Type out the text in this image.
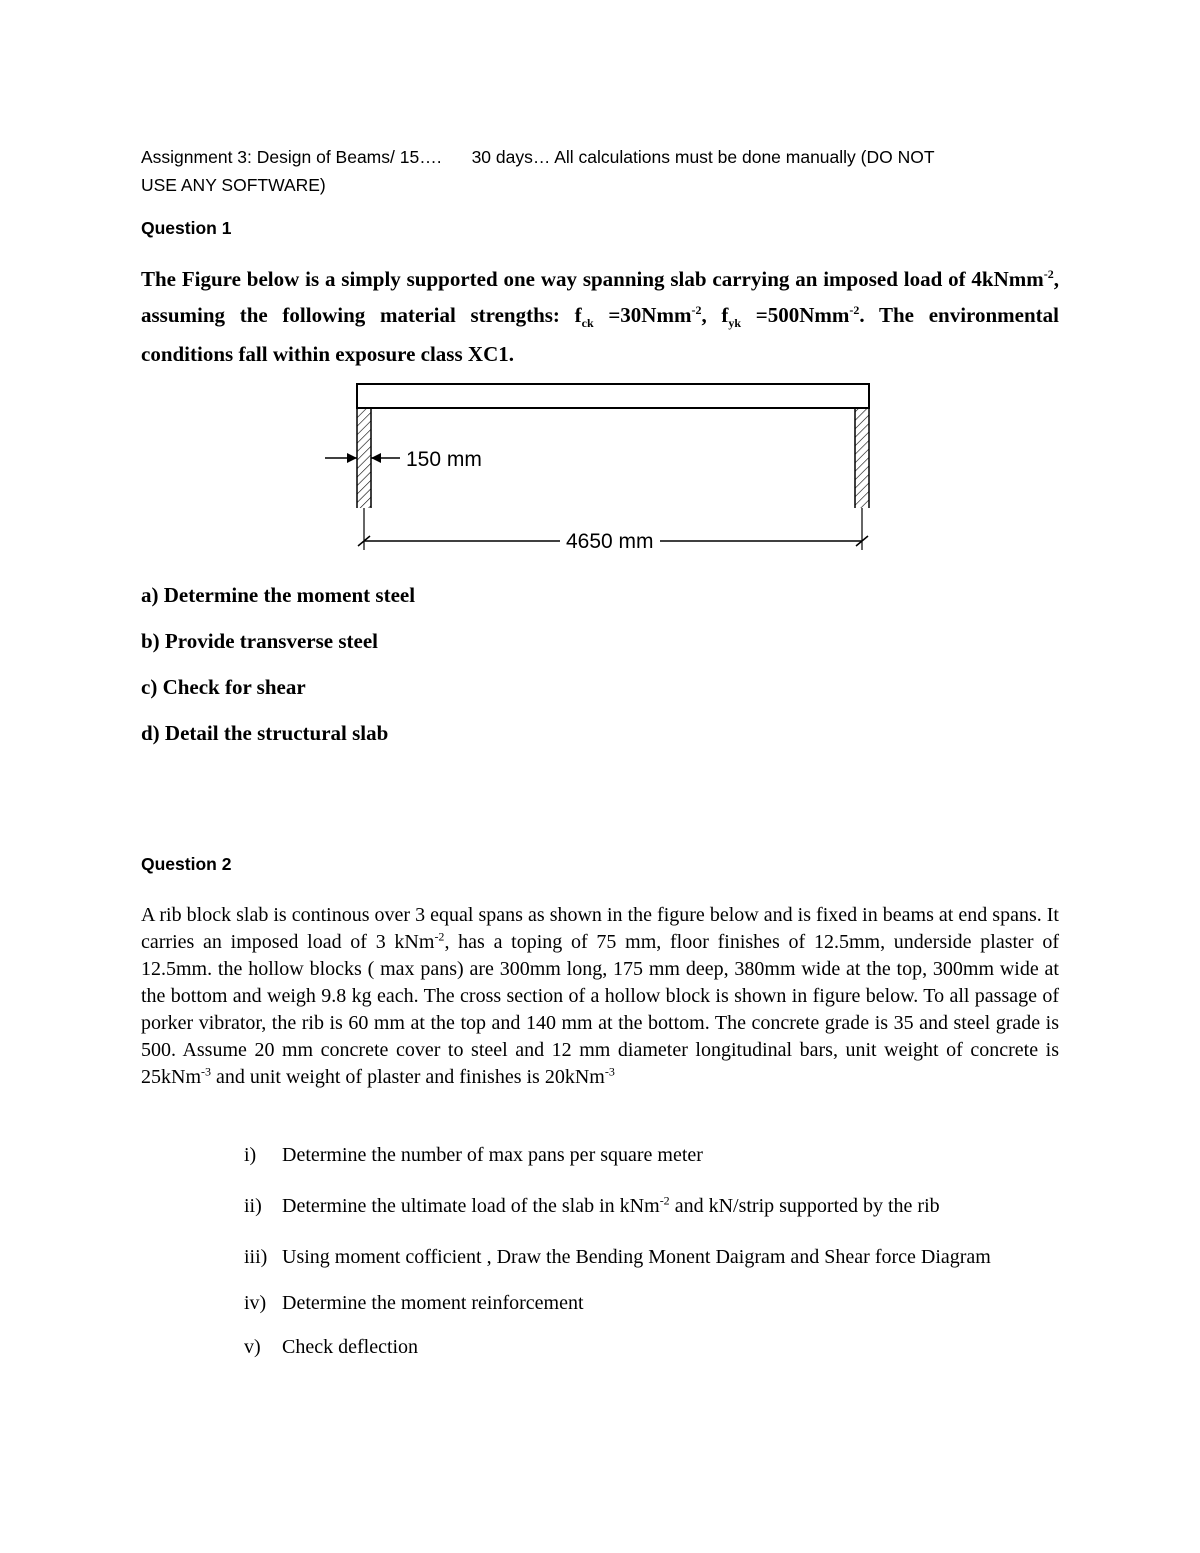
Assignment 3: Design of Beams/ 15…. 30 days… All calculations must be done manually (DO NOT
USE ANY SOFTWARE)
Question 1
The Figure below is a simply supported one way spanning slab carrying an imposed load of 4kNmm$^{-2}$, assuming the following material strengths: $f_{ck} =30Nmm^{-2}$, $f_{yk} =500Nmm^{-2}$. The environmental conditions fall within exposure class XC1.
150 mm
4650 mm
a) Determine the moment steel
b) Provide transverse steel
c) Check for shear
d) Detail the structural slab
Question 2
A rib block slab is continous over 3 equal spans as shown in the figure below and is fixed in beams at end spans. It carries an imposed load of 3 kNm$^{-2}$, has a toping of 75 mm, floor finishes of 12.5mm, underside plaster of 12.5mm. the hollow blocks ( max pans) are 300mm long, 175 mm deep, 380mm wide at the top, 300mm wide at the bottom and weigh 9.8 kg each. The cross section of a hollow block is shown in figure below. To all passage of porker vibrator, the rib is 60 mm at the top and 140 mm at the bottom. The concrete grade is 35 and steel grade is 500. Assume 20 mm concrete cover to steel and 12 mm diameter longitudinal bars, unit weight of concrete is 25kNm$^{-3}$ and unit weight of plaster and finishes is 20kNm$^{-3}$
i)	Determine the number of max pans per square meter
ii)	Determine the ultimate load of the slab in kNm$^{-2}$ and kN/strip supported by the rib
iii) Using moment cofficient , Draw the Bending Monent Daigram and Shear force Diagram
iv) Determine the moment reinforcement
v)	Check deflection
